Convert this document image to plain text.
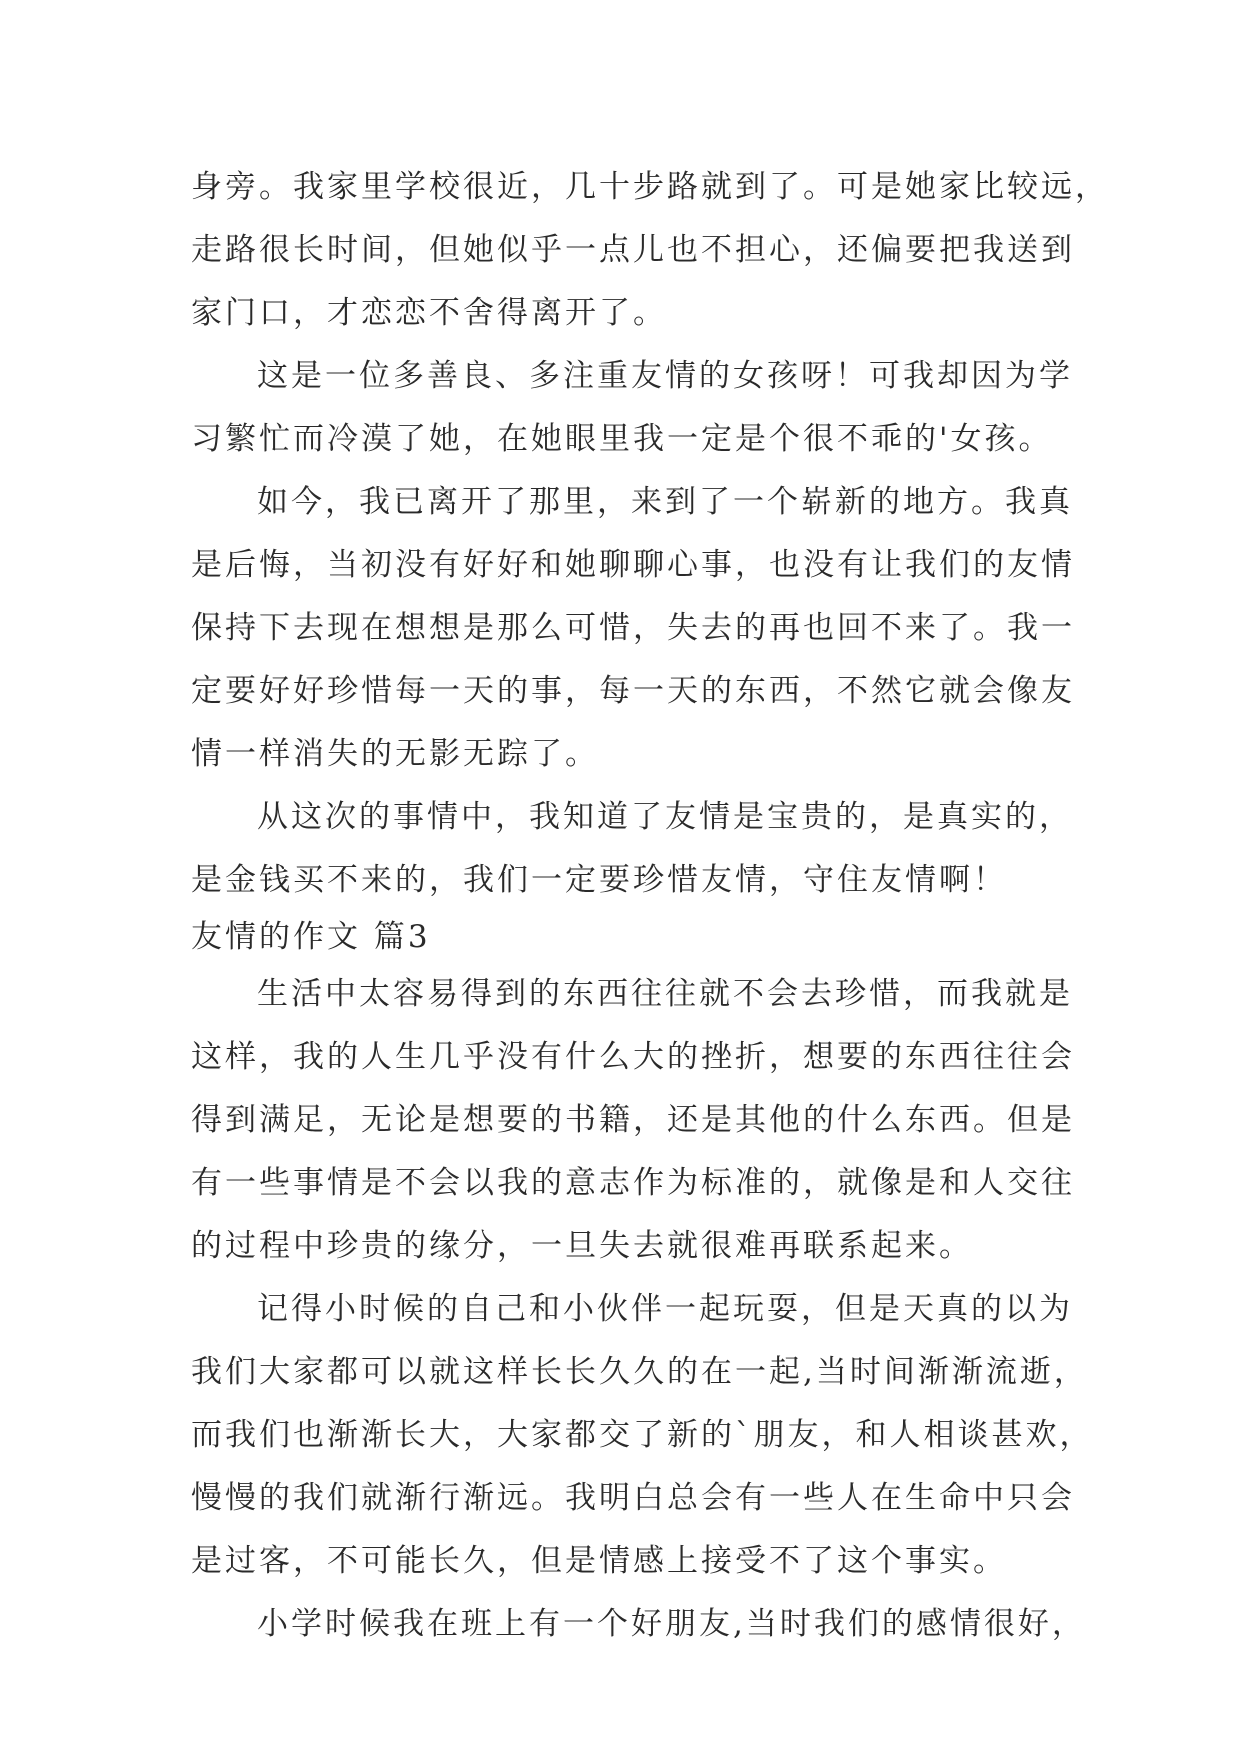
身旁。我家里学校很近，几十步路就到了。可是她家比较远，
走路很长时间，但她似乎一点儿也不担心，还偏要把我送到
家门口，才恋恋不舍得离开了。
这是一位多善良、多注重友情的女孩呀！可我却因为学
习繁忙而冷漠了她，在她眼里我一定是个很不乖的'女孩。
如今，我已离开了那里，来到了一个崭新的地方。我真
是后悔，当初没有好好和她聊聊心事，也没有让我们的友情
保持下去现在想想是那么可惜，失去的再也回不来了。我一
定要好好珍惜每一天的事，每一天的东西，不然它就会像友
情一样消失的无影无踪了。
从这次的事情中，我知道了友情是宝贵的，是真实的，
是金钱买不来的，我们一定要珍惜友情，守住友情啊！
友情的作文 篇3
生活中太容易得到的东西往往就不会去珍惜，而我就是
这样，我的人生几乎没有什么大的挫折，想要的东西往往会
得到满足，无论是想要的书籍，还是其他的什么东西。但是
有一些事情是不会以我的意志作为标准的，就像是和人交往
的过程中珍贵的缘分，一旦失去就很难再联系起来。
记得小时候的自己和小伙伴一起玩耍，但是天真的以为
我们大家都可以就这样长长久久的在一起,当时间渐渐流逝，
而我们也渐渐长大，大家都交了新的`朋友，和人相谈甚欢，
慢慢的我们就渐行渐远。我明白总会有一些人在生命中只会
是过客，不可能长久，但是情感上接受不了这个事实。
小学时候我在班上有一个好朋友,当时我们的感情很好，
